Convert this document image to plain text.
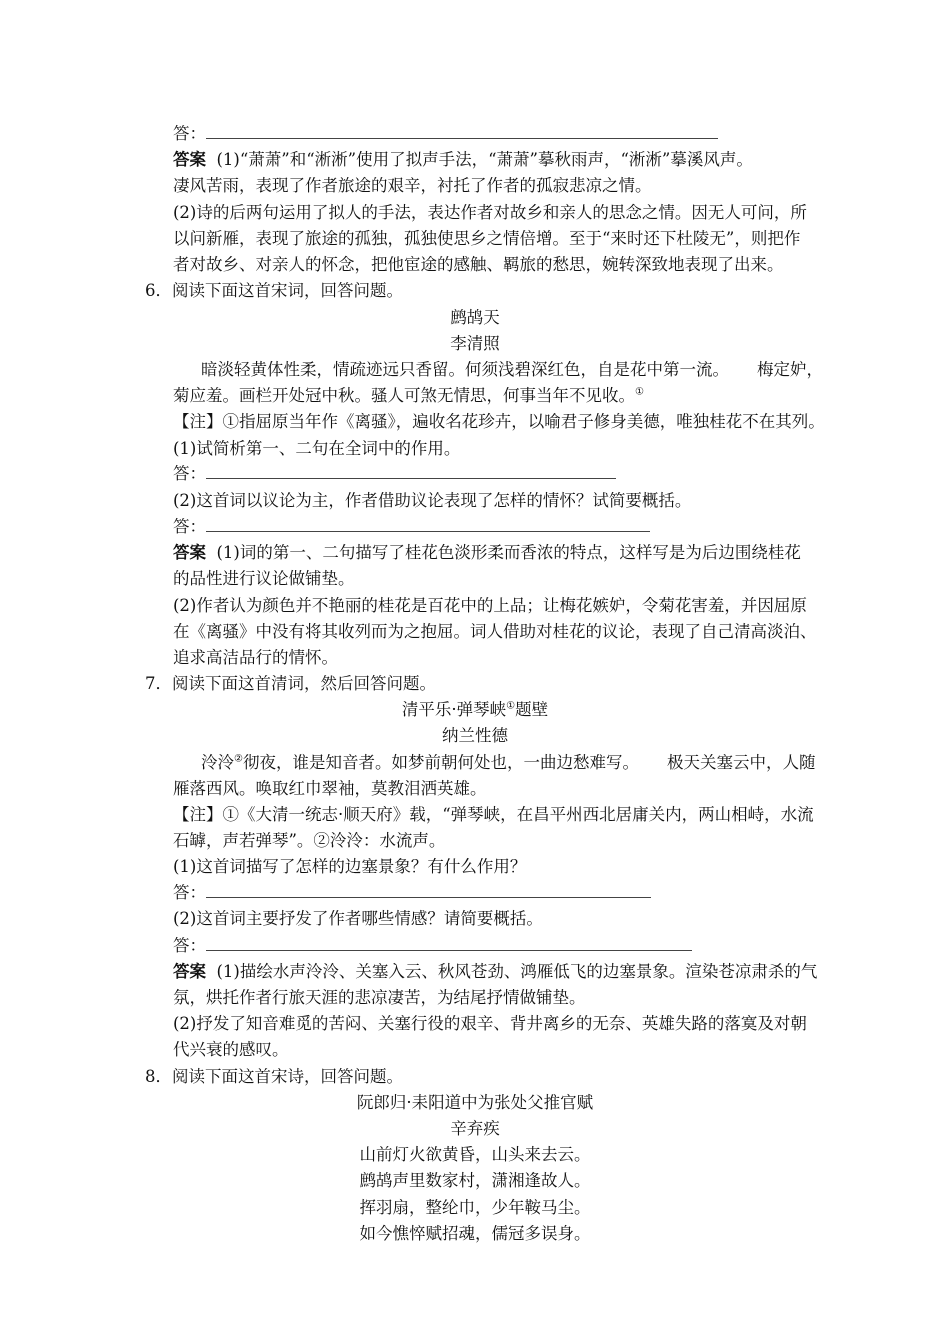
答：
答案 (1)“萧萧”和“淅淅”使用了拟声手法，“萧萧”摹秋雨声，“淅淅”摹溪风声。
凄风苦雨，表现了作者旅途的艰辛，衬托了作者的孤寂悲凉之情。
(2)诗的后两句运用了拟人的手法，表达作者对故乡和亲人的思念之情。因无人可问，所
以问新雁，表现了旅途的孤独，孤独使思乡之情倍增。至于“来时还下杜陵无”，则把作
者对故乡、对亲人的怀念，把他宦途的感触、羁旅的愁思，婉转深致地表现了出来。
6．阅读下面这首宋词，回答问题。
鹧鸪天
李清照
暗淡轻黄体性柔，情疏迹远只香留。何须浅碧深红色，自是花中第一流。 梅定妒，
菊应羞。画栏开处冠中秋。骚人可煞无情思，何事当年不见收。①
【注】①指屈原当年作《离骚》，遍收名花珍卉，以喻君子修身美德，唯独桂花不在其列。
(1)试简析第一、二句在全词中的作用。
答：
(2)这首词以议论为主，作者借助议论表现了怎样的情怀？试简要概括。
答：
答案 (1)词的第一、二句描写了桂花色淡形柔而香浓的特点，这样写是为后边围绕桂花
的品性进行议论做铺垫。
(2)作者认为颜色并不艳丽的桂花是百花中的上品；让梅花嫉妒，令菊花害羞，并因屈原
在《离骚》中没有将其收列而为之抱屈。词人借助对桂花的议论，表现了自己清高淡泊、
追求高洁品行的情怀。
7．阅读下面这首清词，然后回答问题。
清平乐·弹琴峡①题壁
纳兰性德
泠泠②彻夜，谁是知音者。如梦前朝何处也，一曲边愁难写。 极天关塞云中，人随
雁落西风。唤取红巾翠袖，莫教泪洒英雄。
【注】①《大清一统志·顺天府》载，“弹琴峡，在昌平州西北居庸关内，两山相峙，水流
石罅，声若弹琴”。②泠泠：水流声。
(1)这首词描写了怎样的边塞景象？有什么作用？
答：
(2)这首词主要抒发了作者哪些情感？请简要概括。
答：
答案 (1)描绘水声泠泠、关塞入云、秋风苍劲、鸿雁低飞的边塞景象。渲染苍凉肃杀的气
氛，烘托作者行旅天涯的悲凉凄苦，为结尾抒情做铺垫。
(2)抒发了知音难觅的苦闷、关塞行役的艰辛、背井离乡的无奈、英雄失路的落寞及对朝
代兴衰的感叹。
8．阅读下面这首宋诗，回答问题。
阮郎归·耒阳道中为张处父推官赋
辛弃疾
山前灯火欲黄昏，山头来去云。
鹧鸪声里数家村，潇湘逢故人。
挥羽扇，整纶巾，少年鞍马尘。
如今憔悴赋招魂，儒冠多误身。
